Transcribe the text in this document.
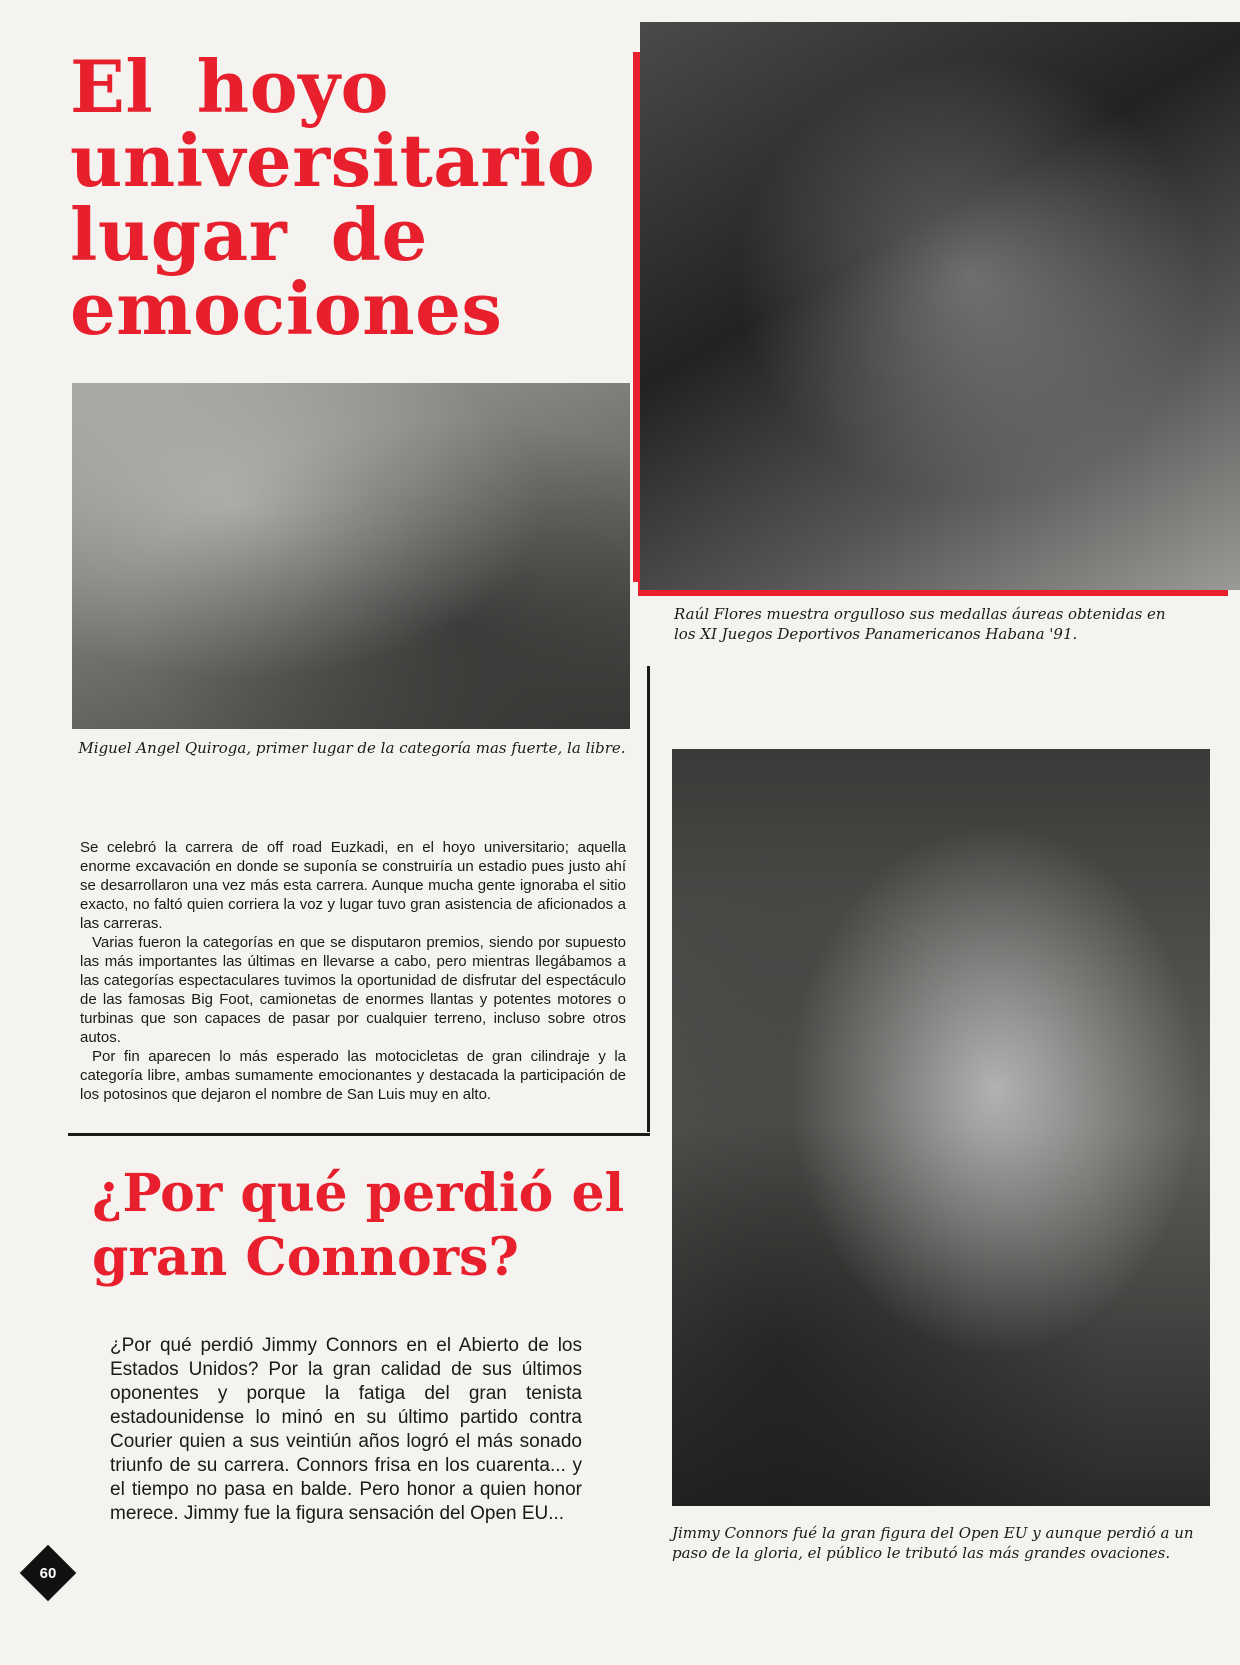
El hoyo universitario lugar de emociones

Raúl Flores muestra orgulloso sus medallas áureas obtenidas en los XI Juegos Deportivos Panamericanos Habana '91.

Miguel Angel Quiroga, primer lugar de la categoría mas fuerte, la libre.

Se celebró la carrera de off road Euzkadi, en el hoyo universitario; aquella enorme excavación en donde se suponía se construiría un estadio pues justo ahí se desarrollaron una vez más esta carrera. Aunque mucha gente ignoraba el sitio exacto, no faltó quien corriera la voz y lugar tuvo gran asistencia de aficionados a las carreras.

Varias fueron la categorías en que se disputaron premios, siendo por supuesto las más importantes las últimas en llevarse a cabo, pero mientras llegábamos a las categorías espectaculares tuvimos la oportunidad de disfrutar del espectáculo de las famosas Big Foot, camionetas de enormes llantas y potentes motores o turbinas que son capaces de pasar por cualquier terreno, incluso sobre otros autos.

Por fin aparecen lo más esperado las motocicletas de gran cilindraje y la categoría libre, ambas sumamente emocionantes y destacada la participación de los potosinos que dejaron el nombre de San Luis muy en alto.

¿Por qué perdió el gran Connors?

¿Por qué perdió Jimmy Connors en el Abierto de los Estados Unidos? Por la gran calidad de sus últimos oponentes y porque la fatiga del gran tenista estadounidense lo minó en su último partido contra Courier quien a sus veintiún años logró el más sonado triunfo de su carrera. Connors frisa en los cuarenta... y el tiempo no pasa en balde. Pero honor a quien honor merece. Jimmy fue la figura sensación del Open EU...

Jimmy Connors fué la gran figura del Open EU y aunque perdió a un paso de la gloria, el público le tributó las más grandes ovaciones.

60
